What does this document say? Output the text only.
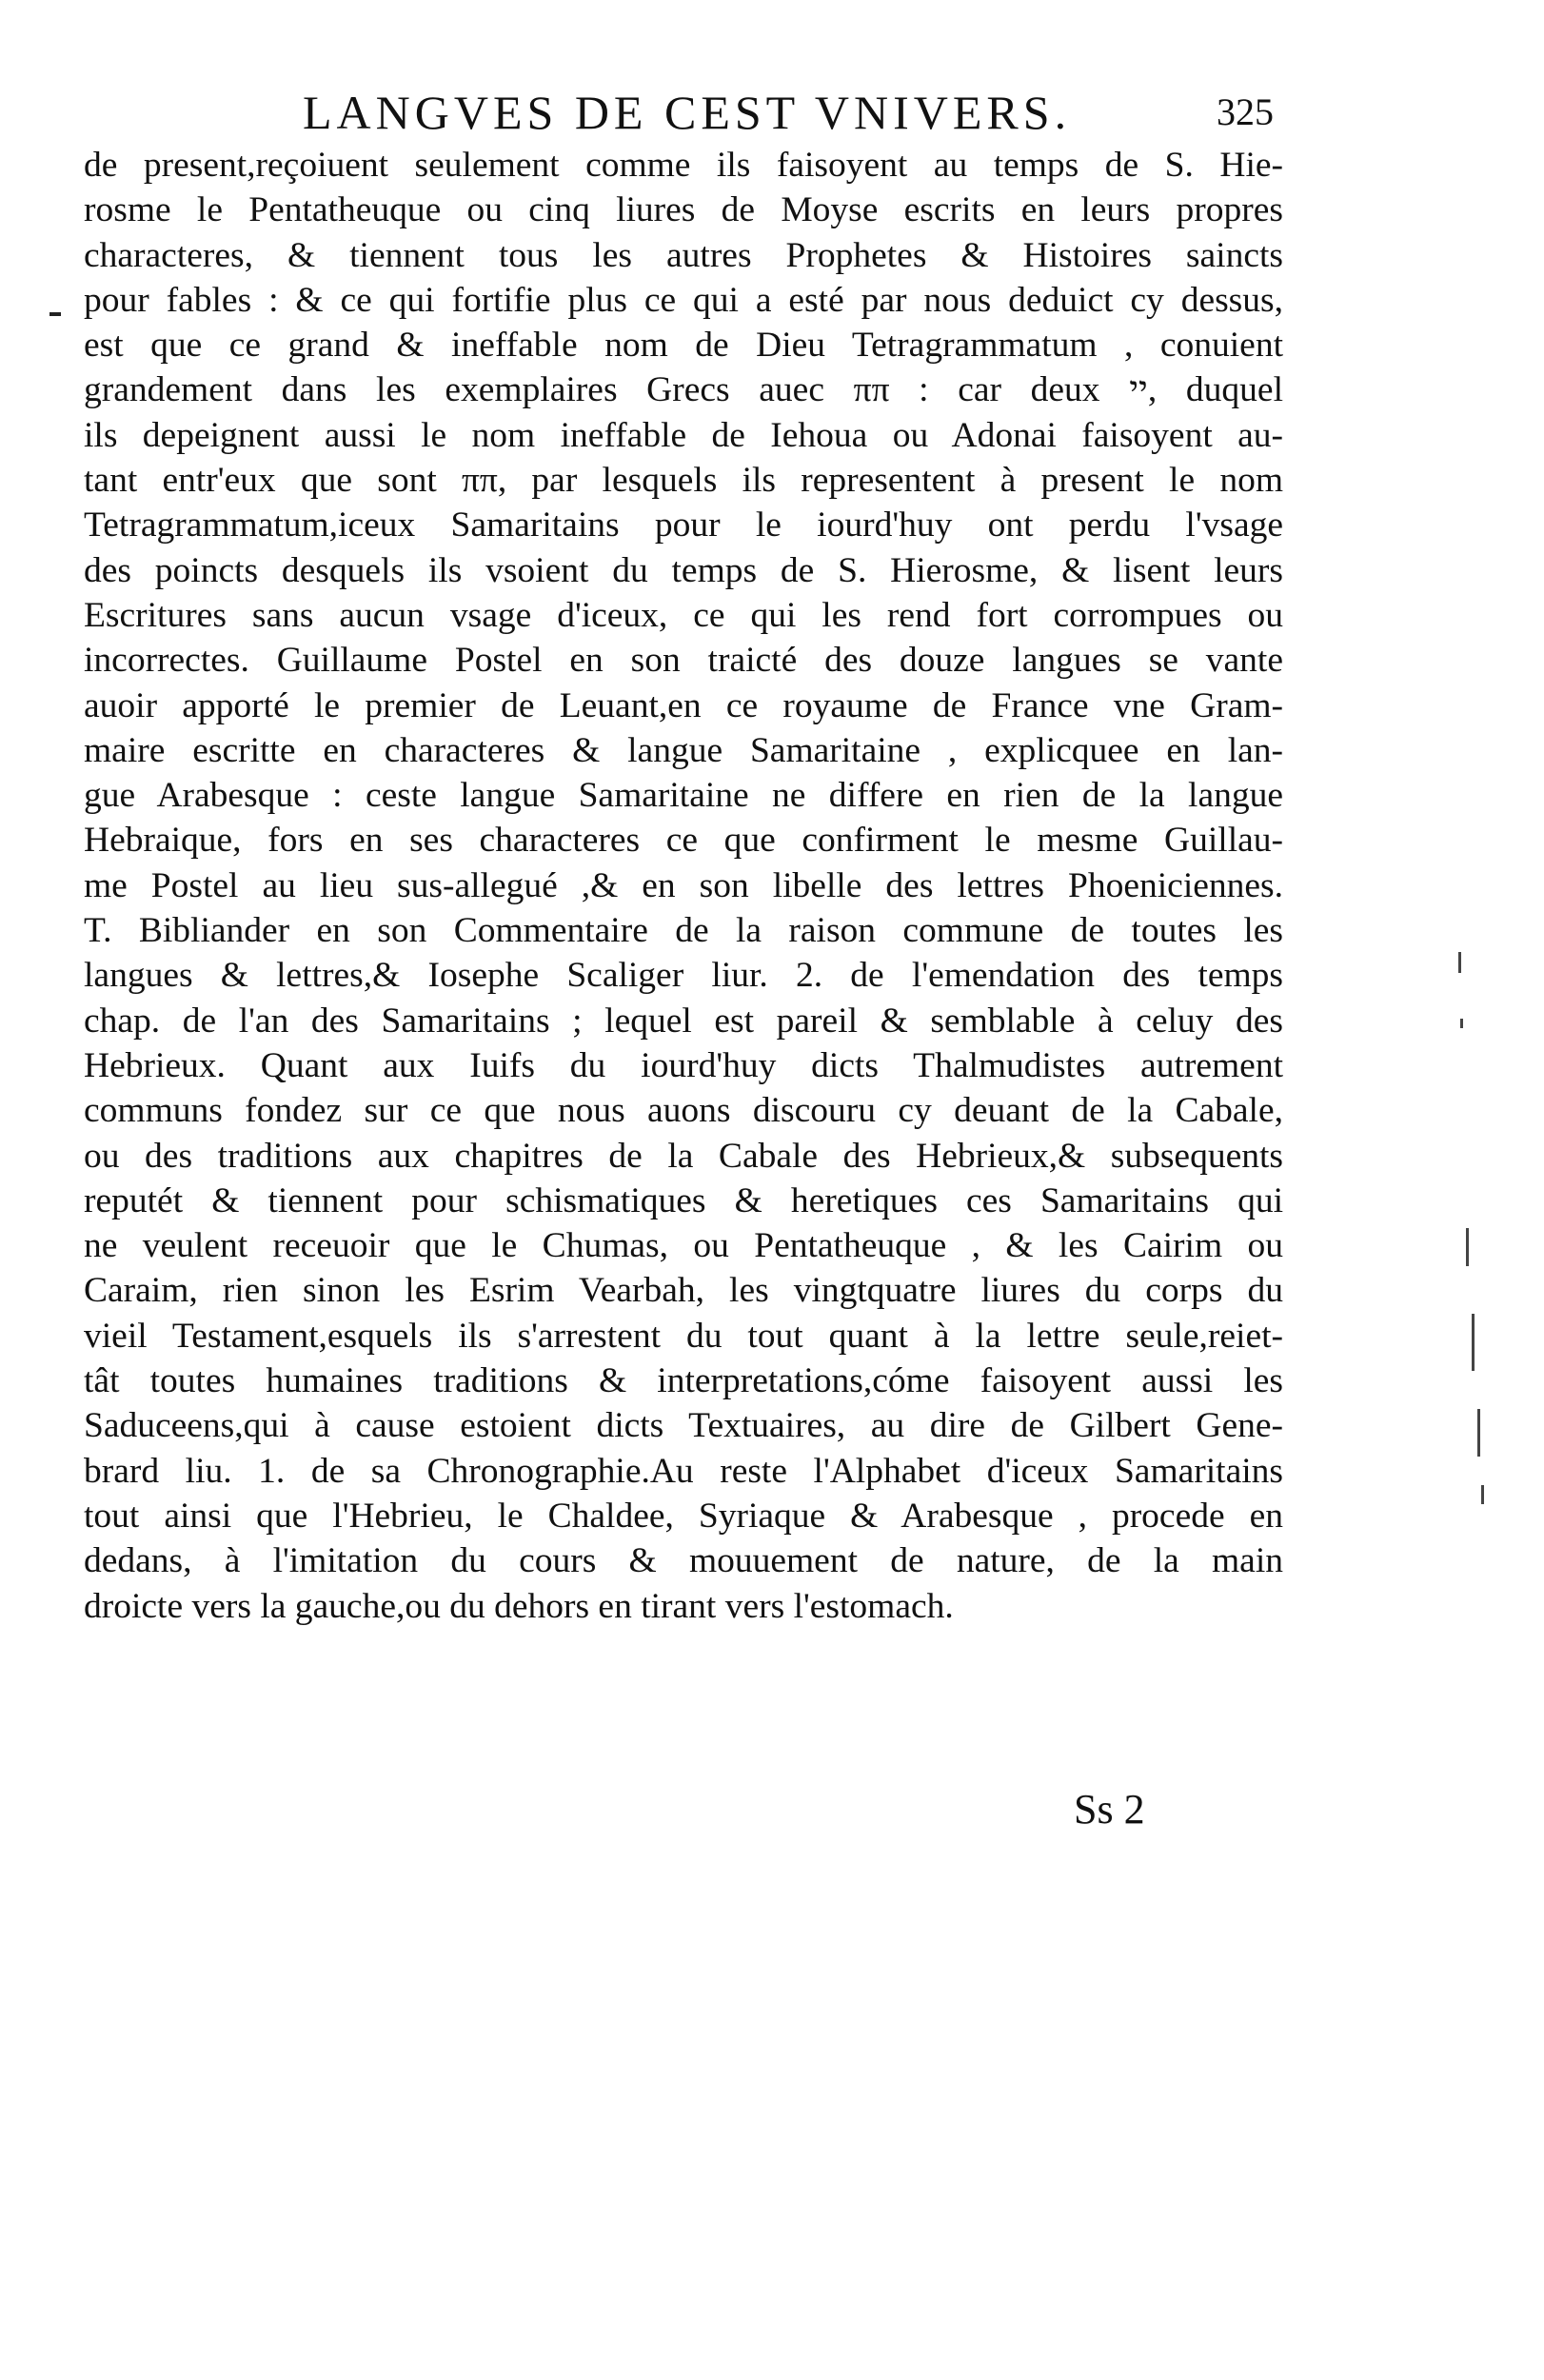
LANGVES DE CEST VNIVERS.	325
de present,reçoiuent seulement comme ils faisoyent au temps de S. Hie-
rosme le Pentatheuque ou cinq liures de Moyse escrits en leurs propres
characteres, & tiennent tous les autres Prophetes & Histoires saincts
pour fables : & ce qui fortifie plus ce qui a esté par nous deduict cy dessus,
est que ce grand & ineffable nom de Dieu Tetragrammatum , conuient
grandement dans les exemplaires Grecs auec ππ : car deux יי, duquel
ils depeignent aussi le nom ineffable de Iehoua ou Adonai faisoyent au-
tant entr'eux que sont ππ, par lesquels ils representent à present le nom
Tetragrammatum,iceux Samaritains pour le iourd'huy ont perdu l'vsage
des poincts desquels ils vsoient du temps de S. Hierosme, & lisent leurs
Escritures sans aucun vsage d'iceux, ce qui les rend fort corrompues ou
incorrectes. Guillaume Postel en son traicté des douze langues se vante
auoir apporté le premier de Leuant,en ce royaume de France vne Gram-
maire escritte en characteres & langue Samaritaine , explicquee en lan-
gue Arabesque : ceste langue Samaritaine ne differe en rien de la langue
Hebraique, fors en ses characteres ce que confirment le mesme Guillau-
me Postel au lieu sus-allegué ,& en son libelle des lettres Phoeniciennes.
T. Bibliander en son Commentaire de la raison commune de toutes les
langues & lettres,& Iosephe Scaliger liur. 2. de l'emendation des temps
chap. de l'an des Samaritains ; lequel est pareil & semblable à celuy des
Hebrieux. Quant aux Iuifs du iourd'huy dicts Thalmudistes autrement
communs fondez sur ce que nous auons discouru cy deuant de la Cabale,
ou des traditions aux chapitres de la Cabale des Hebrieux,& subsequents
reputét & tiennent pour schismatiques & heretiques ces Samaritains qui
ne veulent receuoir que le Chumas, ou Pentatheuque , & les Cairim ou
Caraim, rien sinon les Esrim Vearbah, les vingtquatre liures du corps du
vieil Testament,esquels ils s'arrestent du tout quant à la lettre seule,reiet-
tât toutes humaines traditions & interpretations,cóme faisoyent aussi les
Saduceens,qui à cause estoient dicts Textuaires, au dire de Gilbert Gene-
brard liu. 1. de sa Chronographie.Au reste l'Alphabet d'iceux Samaritains
tout ainsi que l'Hebrieu, le Chaldee, Syriaque & Arabesque , procede en
dedans, à l'imitation du cours & mouuement de nature, de la main
droicte vers la gauche,ou du dehors en tirant vers l'estomach.
Ss 2
